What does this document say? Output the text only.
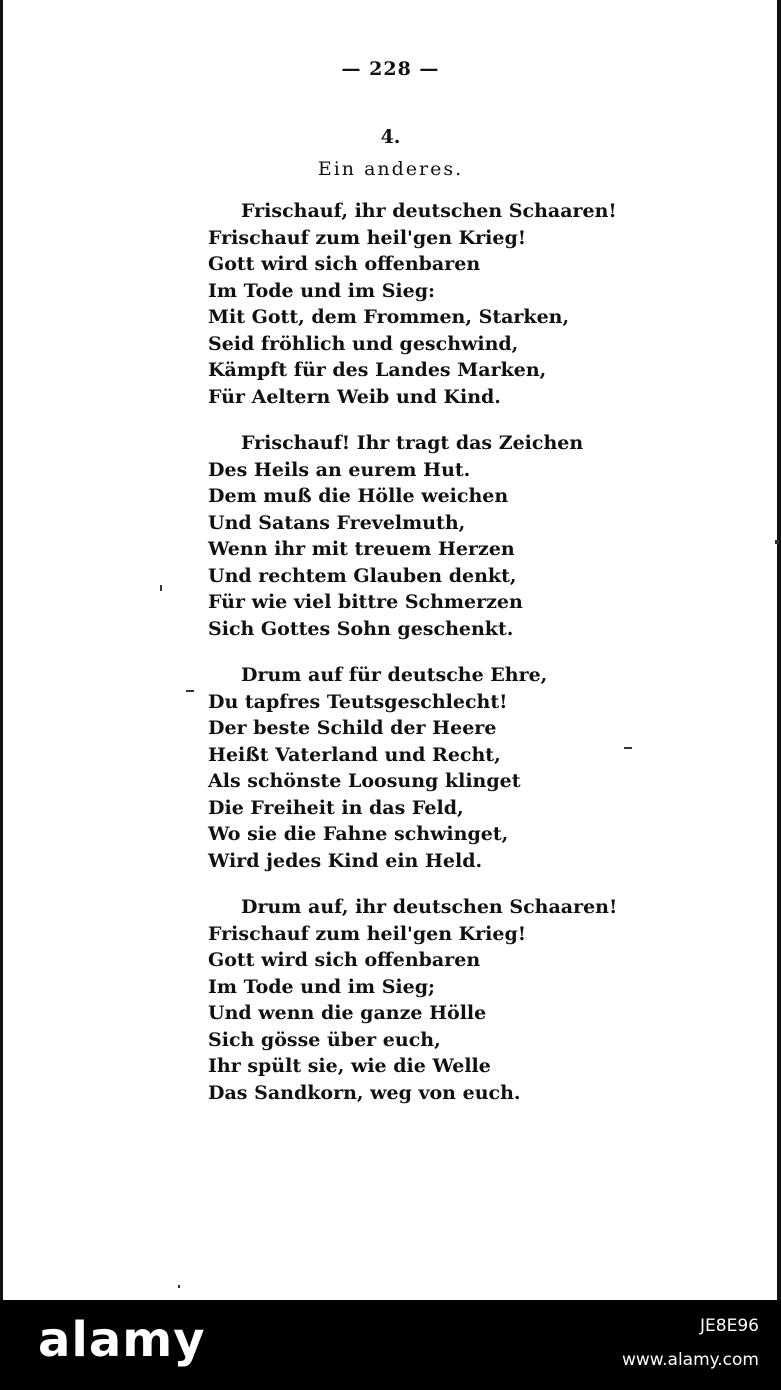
— 228 —
4.
Ein anderes.
Frischauf, ihr deutschen Schaaren!
Frischauf zum heil'gen Krieg!
Gott wird sich offenbaren
Im Tode und im Sieg:
Mit Gott, dem Frommen, Starken,
Seid fröhlich und geschwind,
Kämpft für des Landes Marken,
Für Aeltern Weib und Kind.
Frischauf! Ihr tragt das Zeichen
Des Heils an eurem Hut.
Dem muß die Hölle weichen
Und Satans Frevelmuth,
Wenn ihr mit treuem Herzen
Und rechtem Glauben denkt,
Für wie viel bittre Schmerzen
Sich Gottes Sohn geschenkt.
Drum auf für deutsche Ehre,
Du tapfres Teutsgeschlecht!
Der beste Schild der Heere
Heißt Vaterland und Recht,
Als schönste Loosung klinget
Die Freiheit in das Feld,
Wo sie die Fahne schwinget,
Wird jedes Kind ein Held.
Drum auf, ihr deutschen Schaaren!
Frischauf zum heil'gen Krieg!
Gott wird sich offenbaren
Im Tode und im Sieg;
Und wenn die ganze Hölle
Sich gösse über euch,
Ihr spült sie, wie die Welle
Das Sandkorn, weg von euch.
alamy	JE8E96
www.alamy.com
